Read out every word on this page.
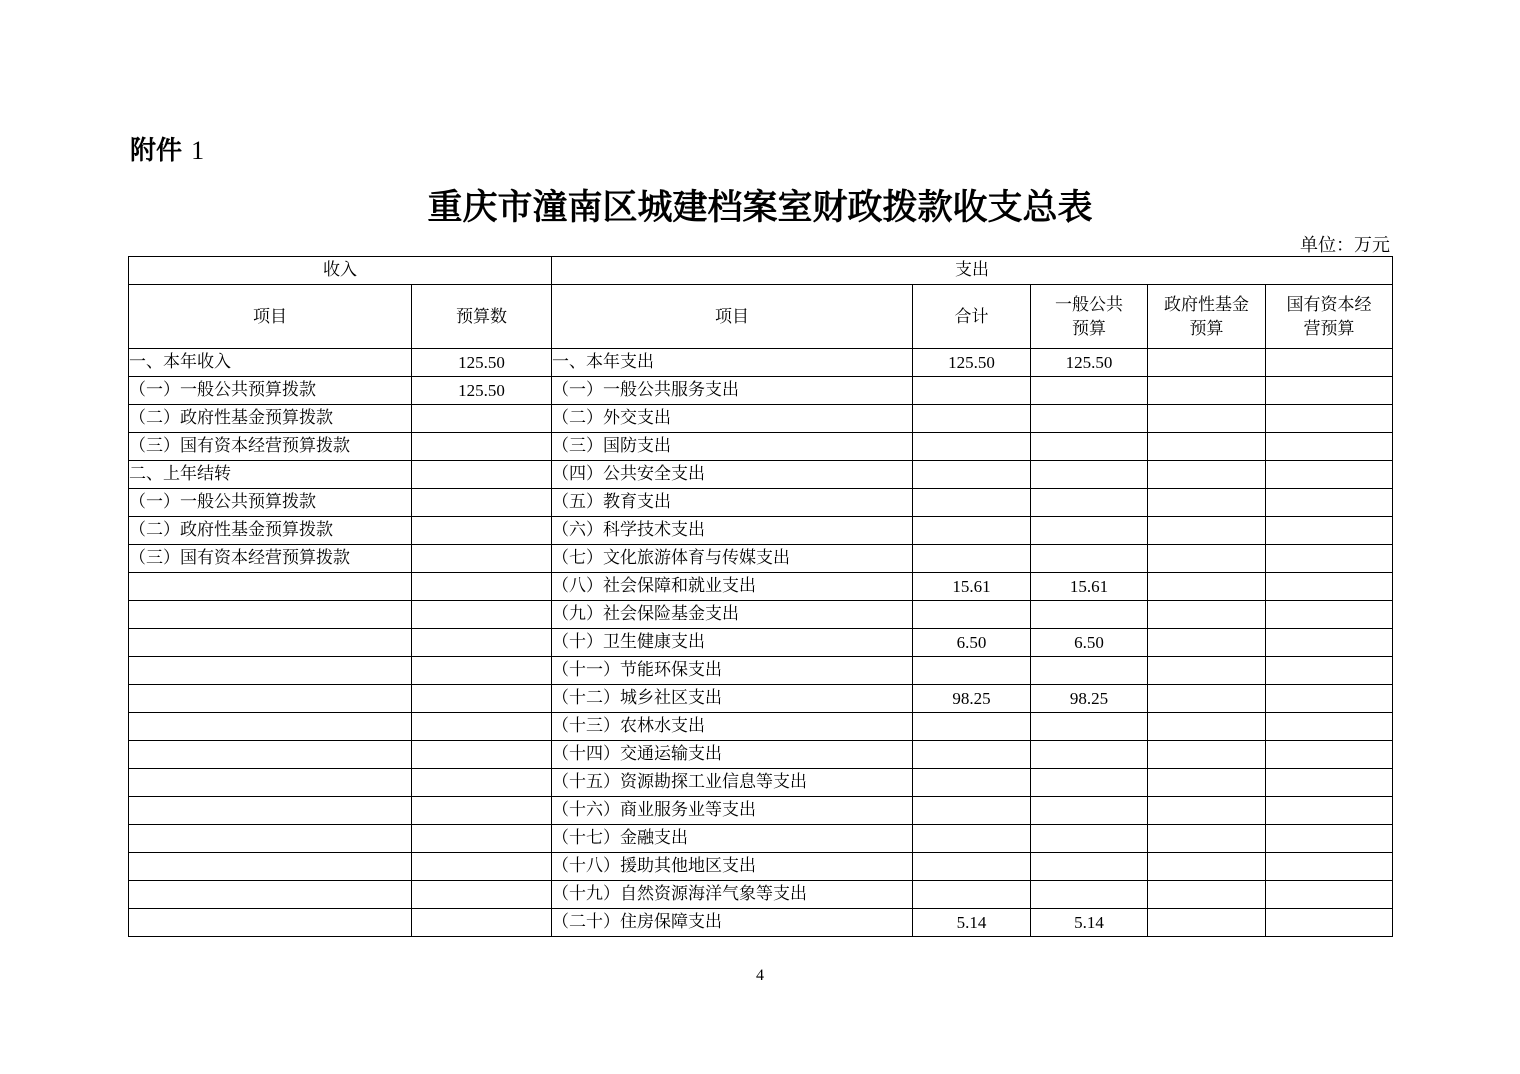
附件 1
重庆市潼南区城建档案室财政拨款收支总表
单位：万元
收入		支出				
项目	预算数	项目	合计	一般公共预算	政府性基金预算	国有资本经营预算
一、本年收入	125.50	一、本年支出	125.50	125.50		
（一）一般公共预算拨款	125.50	（一）一般公共服务支出				
（二）政府性基金预算拨款		（二）外交支出				
（三）国有资本经营预算拨款		（三）国防支出				
二、上年结转		（四）公共安全支出				
（一）一般公共预算拨款		（五）教育支出				
（二）政府性基金预算拨款		（六）科学技术支出				
（三）国有资本经营预算拨款		（七）文化旅游体育与传媒支出				
		（八）社会保障和就业支出	15.61	15.61		
		（九）社会保险基金支出				
		（十）卫生健康支出	6.50	6.50		
		（十一）节能环保支出				
		（十二）城乡社区支出	98.25	98.25		
		（十三）农林水支出				
		（十四）交通运输支出				
		（十五）资源勘探工业信息等支出				
		（十六）商业服务业等支出				
		（十七）金融支出				
		（十八）援助其他地区支出				
		（十九）自然资源海洋气象等支出				
		（二十）住房保障支出	5.14	5.14		
4
